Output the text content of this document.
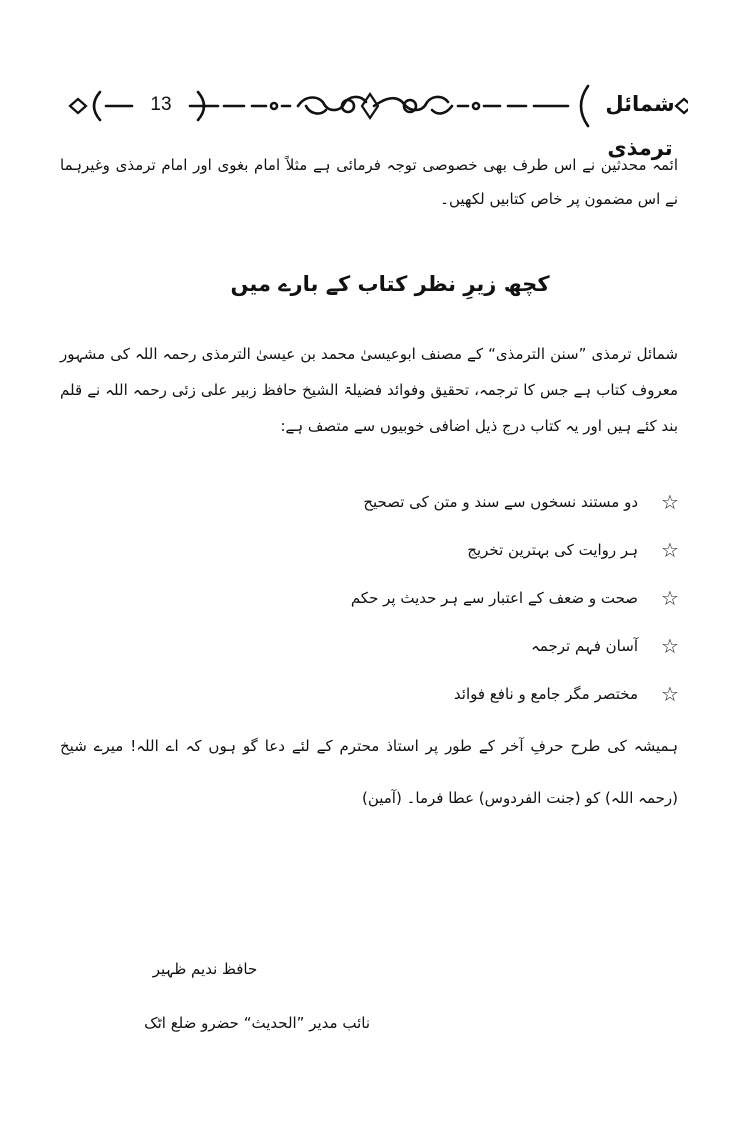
13	شمائل ترمذی
ائمہ محدثین نے اس طرف بھی خصوصی توجہ فرمائی ہے مثلاً امام بغوی اور امام ترمذی وغیرہما نے اس مضمون پر خاص کتابیں لکھیں۔
کچھ زیرِ نظر کتاب کے بارے میں
شمائل ترمذی ”سنن الترمذی“ کے مصنف ابوعیسیٰ محمد بن عیسیٰ الترمذی رحمہ اللہ کی مشہور معروف کتاب ہے جس کا ترجمہ، تحقیق وفوائد فضیلۃ الشیخ حافظ زبیر علی زئی رحمہ اللہ نے قلم بند کئے ہیں اور یہ کتاب درج ذیل اضافی خوبیوں سے متصف ہے:
☆
دو مستند نسخوں سے سند و متن کی تصحیح
☆
ہر روایت کی بہترین تخریج
☆
صحت و ضعف کے اعتبار سے ہر حدیث پر حکم
☆
آسان فہم ترجمہ
☆
مختصر مگر جامع و نافع فوائد
ہمیشہ کی طرح حرفِ آخر کے طور پر استاذ محترم کے لئے دعا گو ہوں کہ اے اللہ! میرے شیخ (رحمہ اللہ) کو (جنت الفردوس) عطا فرما۔ (آمین)
حافظ ندیم ظہیر
نائب مدیر ”الحدیث“ حضرو ضلع اٹک
